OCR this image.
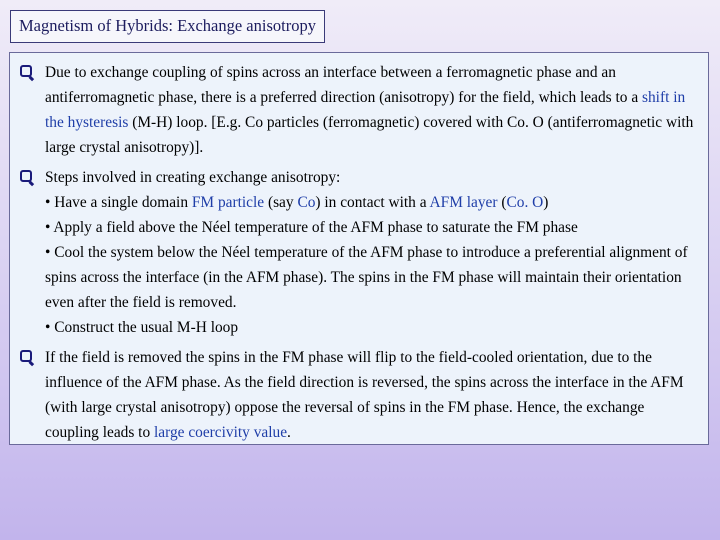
Magnetism of Hybrids: Exchange anisotropy
Due to exchange coupling of spins across an interface between a ferromagnetic phase and an antiferromagnetic phase, there is a preferred direction (anisotropy) for the field, which leads to a shift in the hysteresis (M-H) loop. [E.g. Co particles (ferromagnetic) covered with Co. O (antiferromagnetic with large crystal anisotropy)].
Steps involved in creating exchange anisotropy:
• Have a single domain FM particle (say Co) in contact with a AFM layer (Co. O)
• Apply a field above the Néel temperature of the AFM phase to saturate the FM phase
• Cool the system below the Néel temperature of the AFM phase to introduce a preferential alignment of spins across the interface (in the AFM phase). The spins in the FM phase will maintain their orientation even after the field is removed.
• Construct the usual M-H loop
If the field is removed the spins in the FM phase will flip to the field-cooled orientation, due to the influence of the AFM phase. As the field direction is reversed, the spins across the interface in the AFM (with large crystal anisotropy) oppose the reversal of spins in the FM phase. Hence, the exchange coupling leads to large coercivity value.
